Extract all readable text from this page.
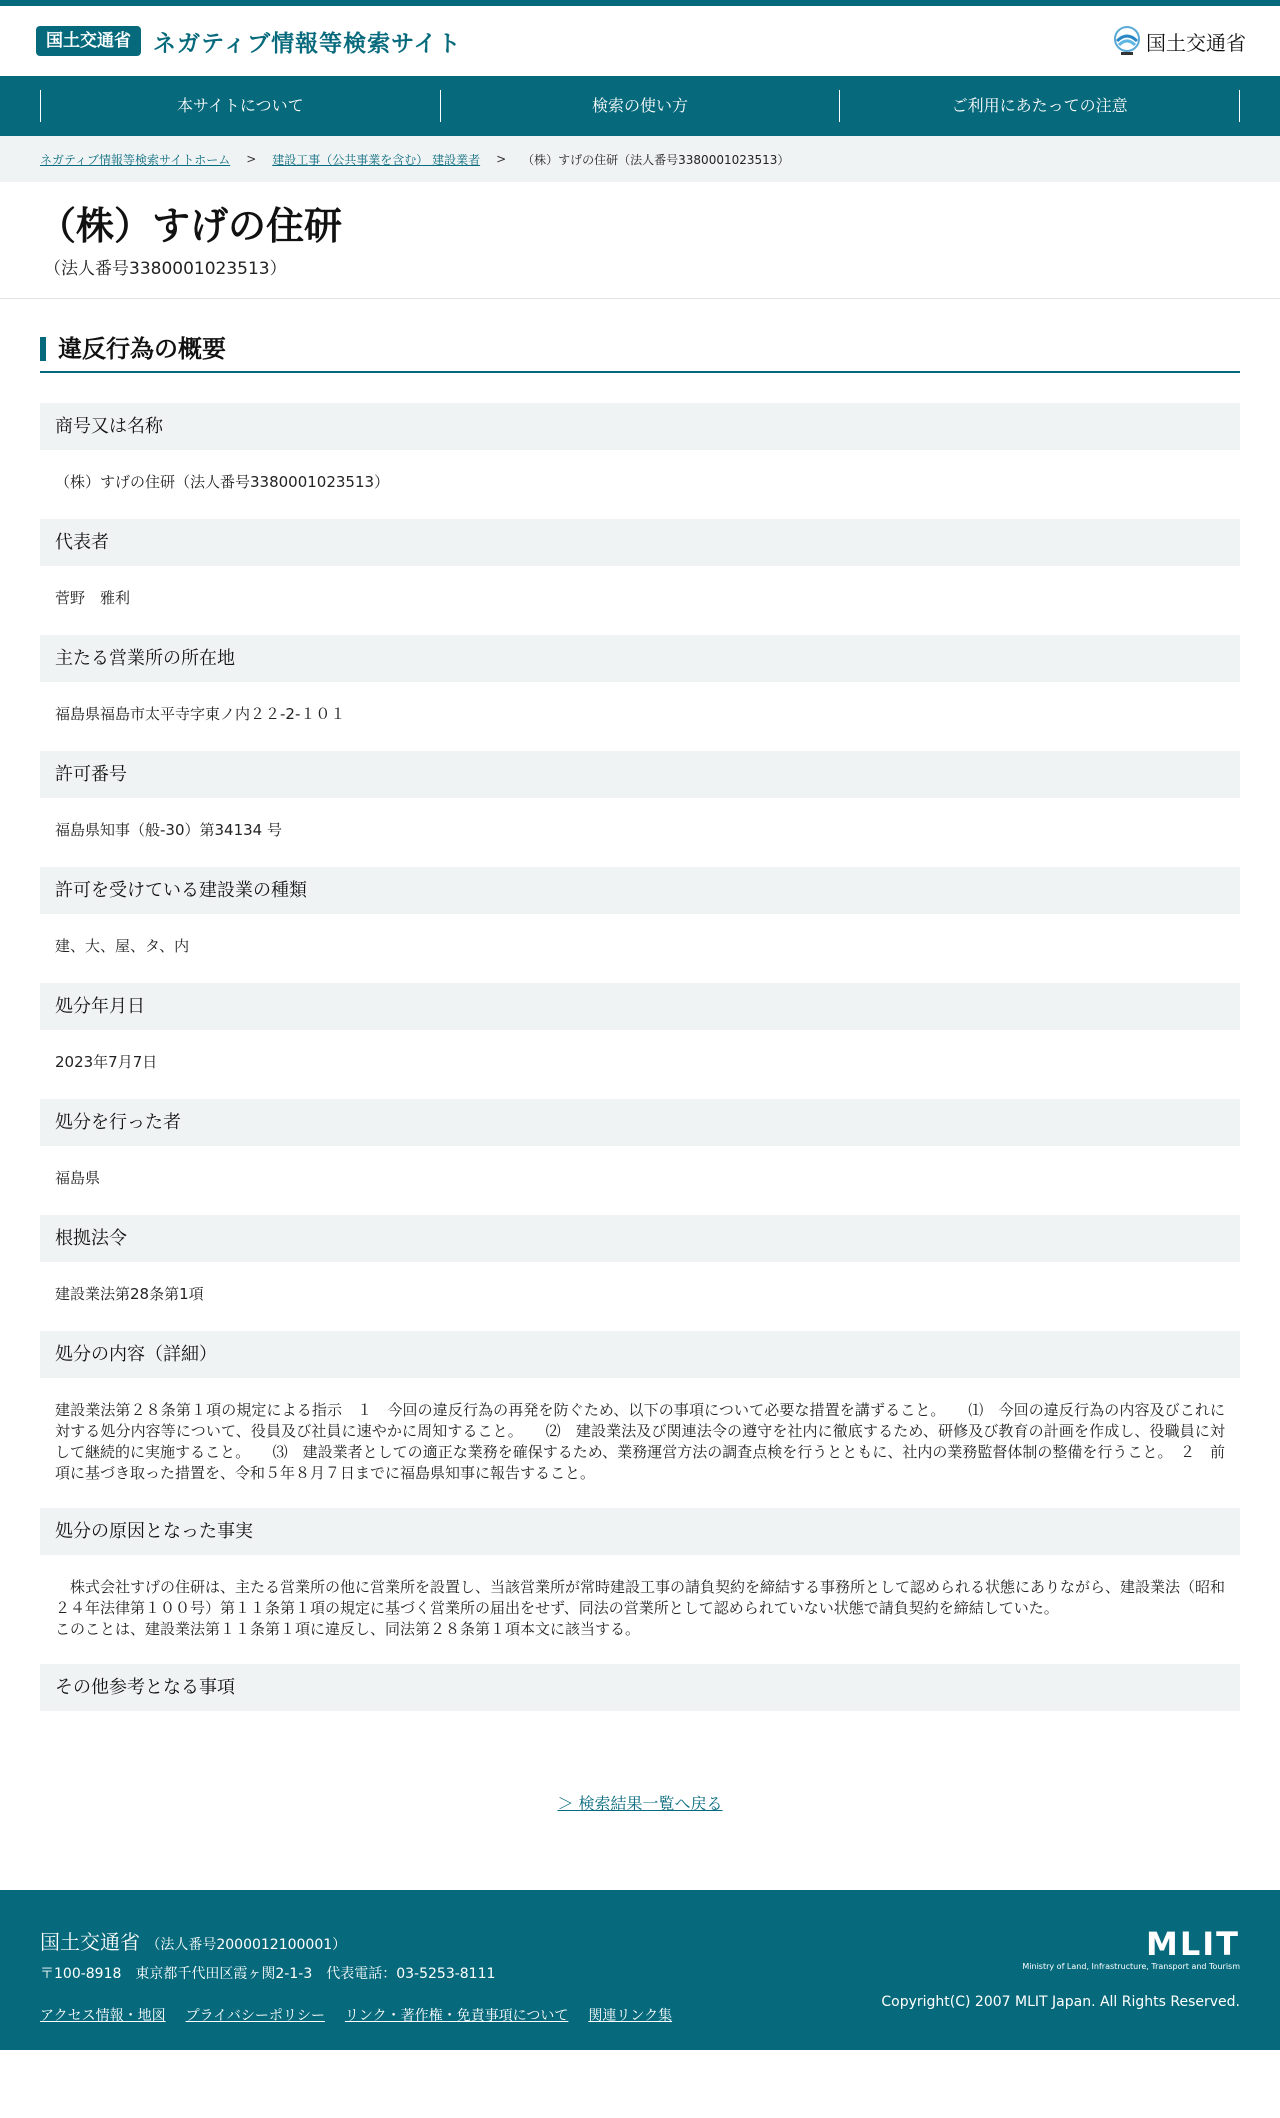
国土交通省 ネガティブ情報等検索サイト	国土交通省
本サイトについて	検索の使い方	ご利用にあたっての注意
ネガティブ情報等検索サイトホーム > 建設工事（公共事業を含む） 建設業者 > （株）すげの住研（法人番号3380001023513）
（株）すげの住研
（法人番号3380001023513）
違反行為の概要
商号又は名称
（株）すげの住研（法人番号3380001023513）
代表者
菅野　雅利
主たる営業所の所在地
福島県福島市太平寺字東ノ内２２-2-１０１
許可番号
福島県知事（般-30）第34134 号
許可を受けている建設業の種類
建、大、屋、タ、内
処分年月日
2023年7月7日
処分を行った者
福島県
根拠法令
建設業法第28条第1項
処分の内容（詳細）
建設業法第２８条第１項の規定による指示　１　今回の違反行為の再発を防ぐため、以下の事項について必要な措置を講ずること。　　⑴　今回の違反行為の内容及びこれに対する処分内容等について、役員及び社員に速やかに周知すること。　　⑵　建設業法及び関連法令の遵守を社内に徹底するため、研修及び教育の計画を作成し、役職員に対して継続的に実施すること。　　⑶　建設業者としての適正な業務を確保するため、業務運営方法の調査点検を行うとともに、社内の業務監督体制の整備を行うこと。　２　前項に基づき取った措置を、令和５年８月７日までに福島県知事に報告すること。
処分の原因となった事実
　株式会社すげの住研は、主たる営業所の他に営業所を設置し、当該営業所が常時建設工事の請負契約を締結する事務所として認められる状態にありながら、建設業法（昭和２４年法律第１００号）第１１条第１項の規定に基づく営業所の届出をせず、同法の営業所として認められていない状態で請負契約を締結していた。
このことは、建設業法第１１条第１項に違反し、同法第２８条第１項本文に該当する。
その他参考となる事項
＞ 検索結果一覧へ戻る
国土交通省 （法人番号2000012100001）
〒100-8918　東京都千代田区霞ヶ関2-1-3　代表電話：03-5253-8111
アクセス情報・地図 プライバシーポリシー リンク・著作権・免責事項について 関連リンク集
MLIT
Ministry of Land, Infrastructure, Transport and Tourism
Copyright(C) 2007 MLIT Japan. All Rights Reserved.
